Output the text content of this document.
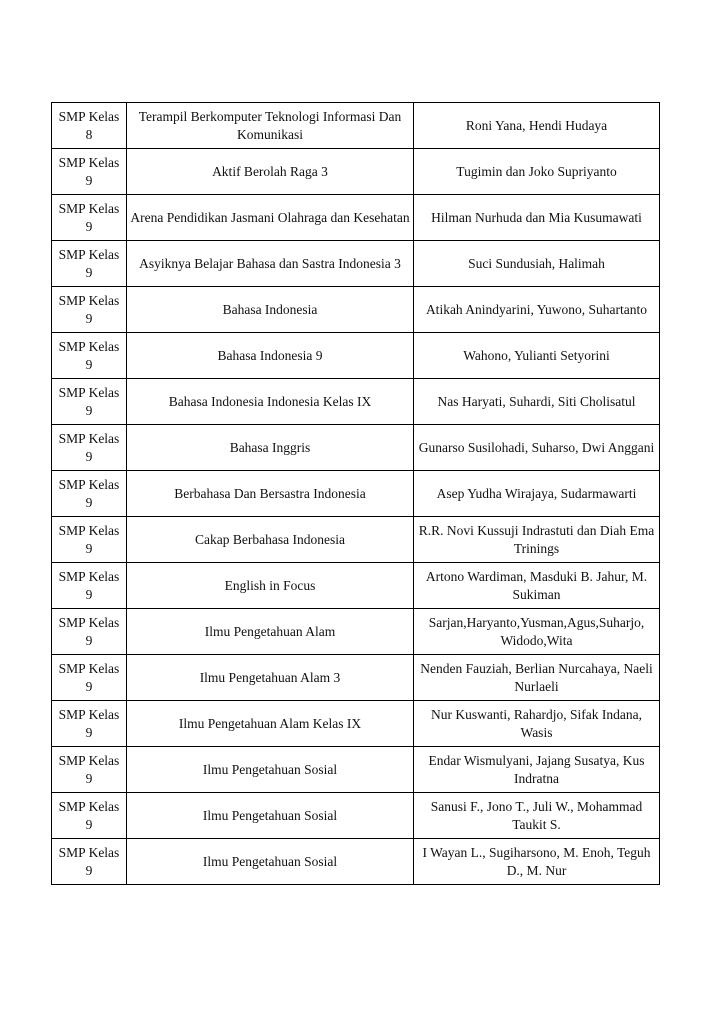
SMP Kelas 8	Terampil Berkomputer Teknologi Informasi Dan Komunikasi	Roni Yana, Hendi Hudaya
SMP Kelas 9	Aktif Berolah Raga 3	Tugimin dan Joko Supriyanto
SMP Kelas 9	Arena Pendidikan Jasmani Olahraga dan Kesehatan	Hilman Nurhuda dan Mia Kusumawati
SMP Kelas 9	Asyiknya Belajar Bahasa dan Sastra Indonesia 3	Suci Sundusiah, Halimah
SMP Kelas 9	Bahasa Indonesia	Atikah Anindyarini, Yuwono, Suhartanto
SMP Kelas 9	Bahasa Indonesia 9	Wahono, Yulianti Setyorini
SMP Kelas 9	Bahasa Indonesia Indonesia Kelas IX	Nas Haryati, Suhardi, Siti Cholisatul
SMP Kelas 9	Bahasa Inggris	Gunarso Susilohadi, Suharso, Dwi Anggani
SMP Kelas 9	Berbahasa Dan Bersastra Indonesia	Asep Yudha Wirajaya, Sudarmawarti
SMP Kelas 9	Cakap Berbahasa Indonesia	R.R. Novi Kussuji Indrastuti dan Diah Ema Trinings
SMP Kelas 9	English in Focus	Artono Wardiman, Masduki B. Jahur, M. Sukiman
SMP Kelas 9	Ilmu Pengetahuan Alam	Sarjan,Haryanto,Yusman,Agus,Suharjo, Widodo,Wita
SMP Kelas 9	Ilmu Pengetahuan Alam 3	Nenden Fauziah, Berlian Nurcahaya, Naeli Nurlaeli
SMP Kelas 9	Ilmu Pengetahuan Alam Kelas IX	Nur Kuswanti, Rahardjo, Sifak Indana, Wasis
SMP Kelas 9	Ilmu Pengetahuan Sosial	Endar Wismulyani, Jajang Susatya, Kus Indratna
SMP Kelas 9	Ilmu Pengetahuan Sosial	Sanusi F., Jono T., Juli W., Mohammad Taukit S.
SMP Kelas 9	Ilmu Pengetahuan Sosial	I Wayan L., Sugiharsono, M. Enoh, Teguh D., M. Nur
